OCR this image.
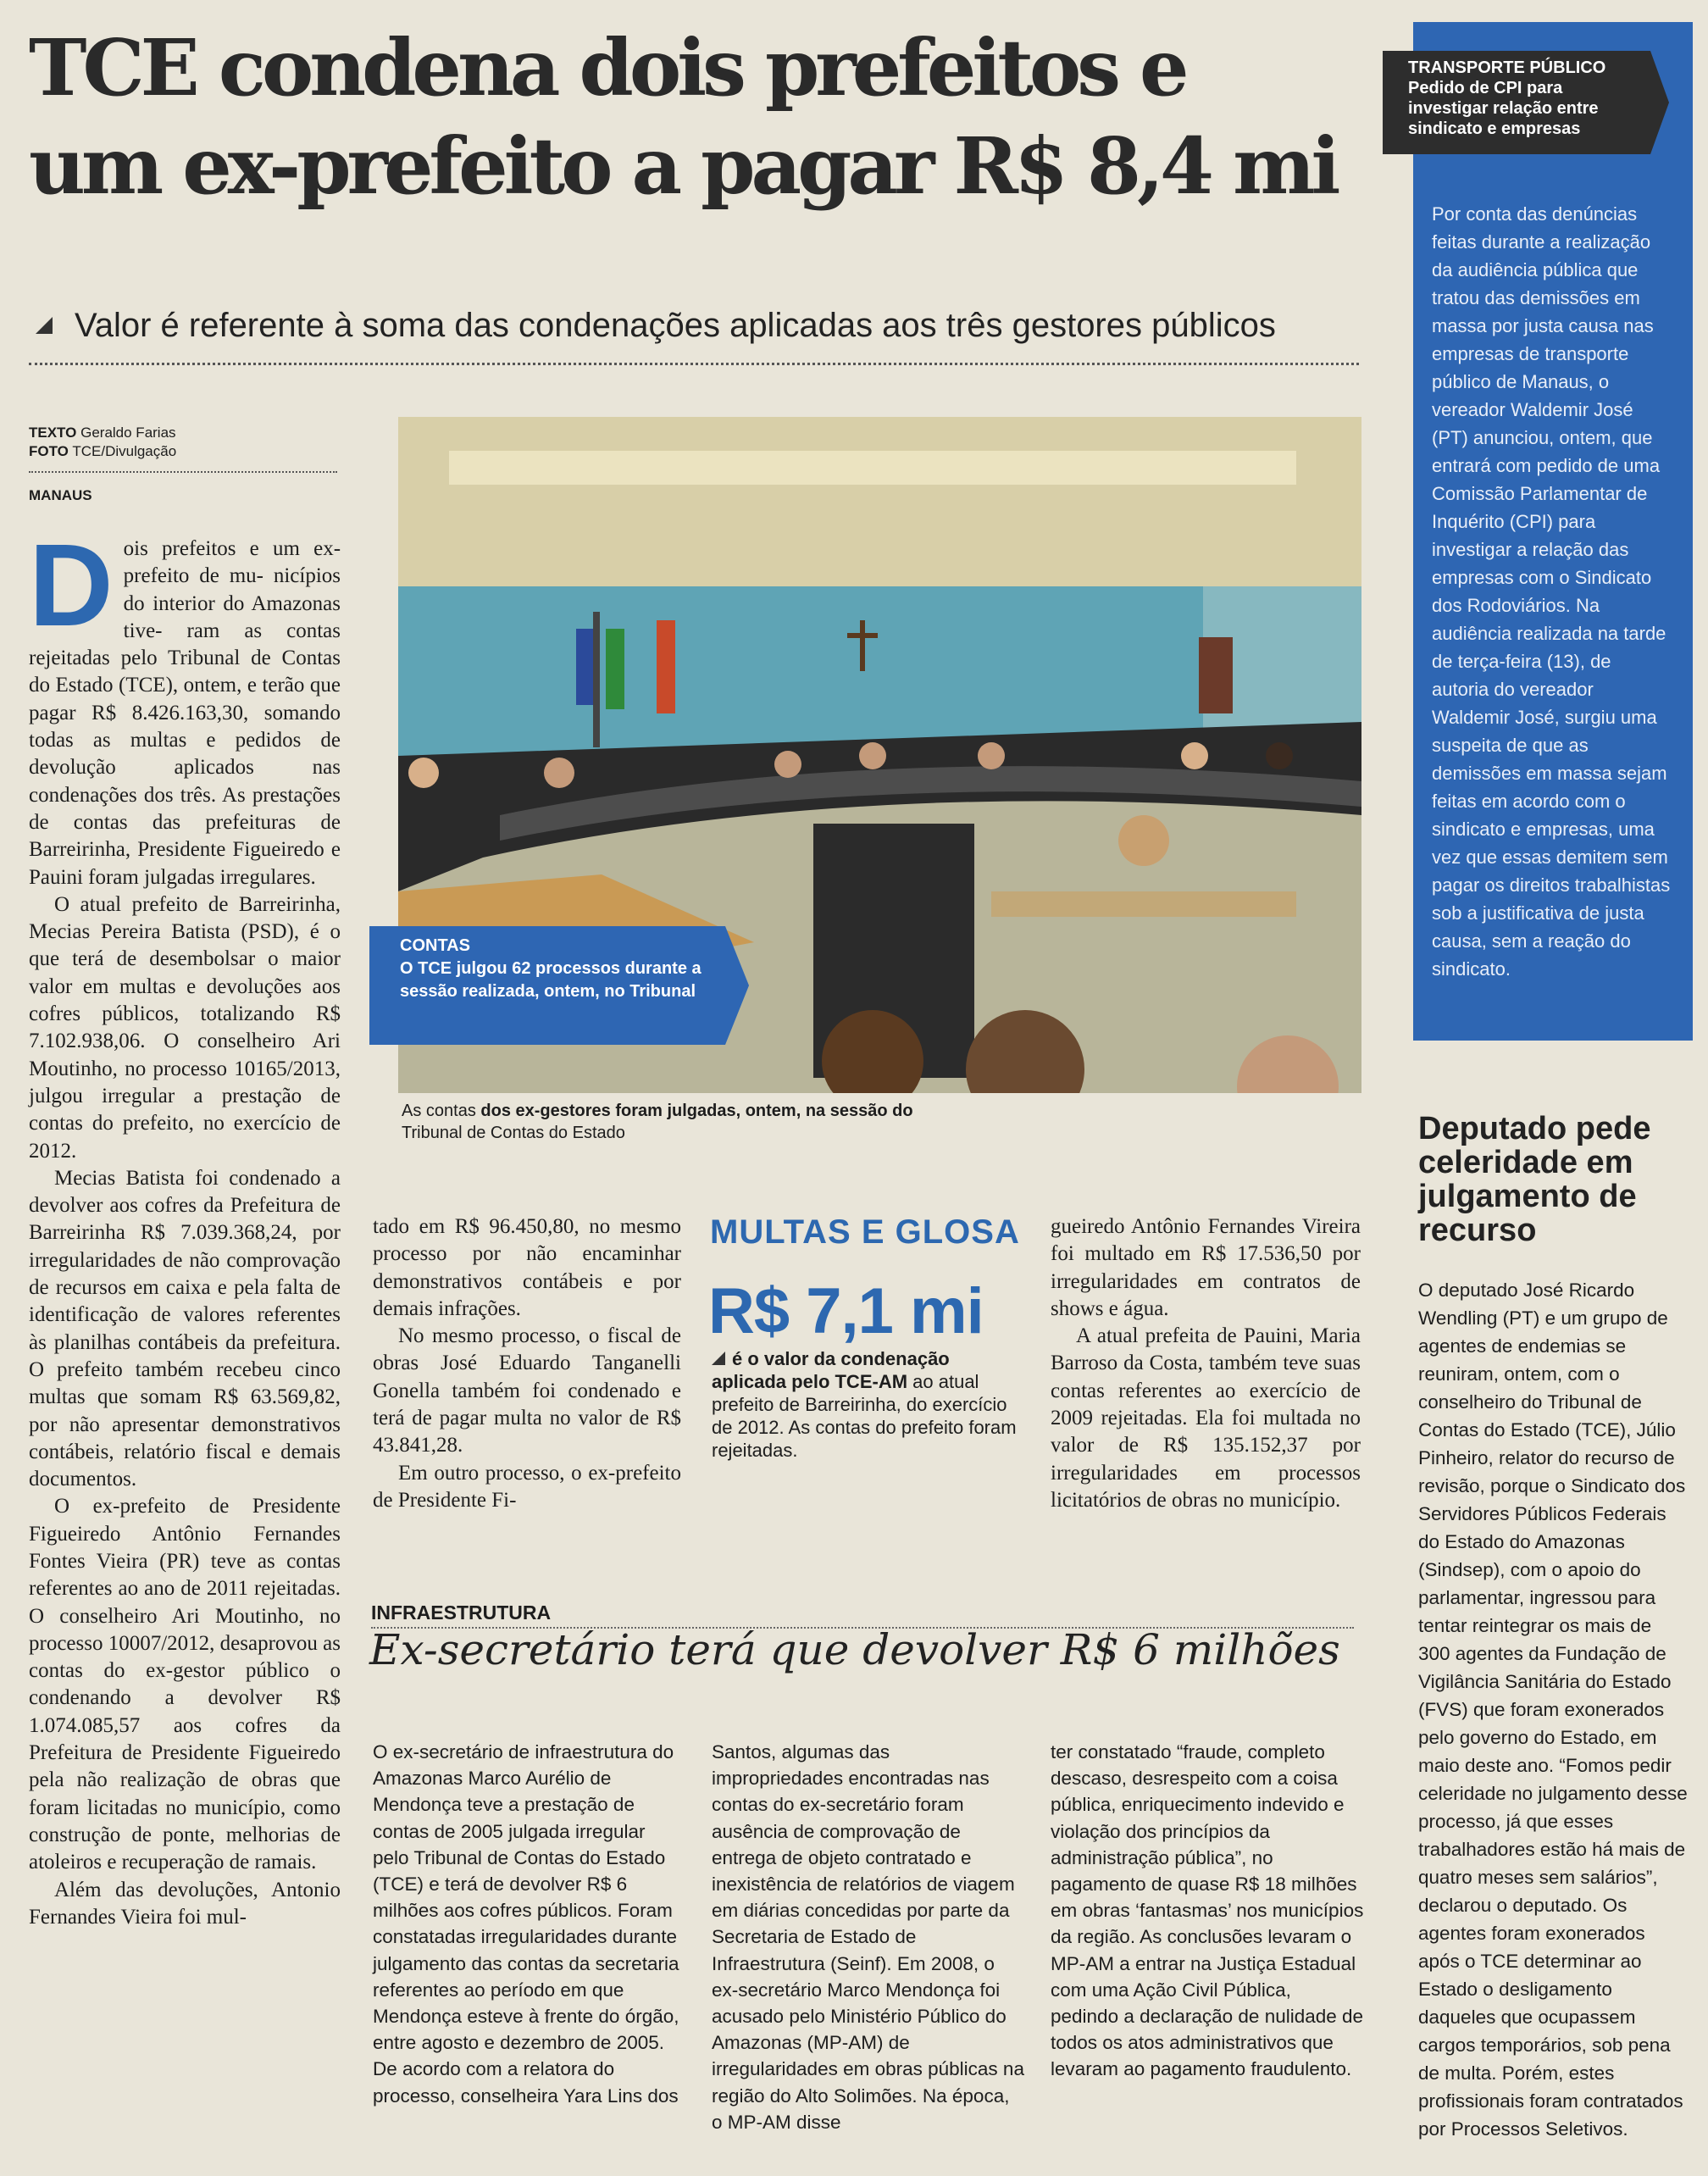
TCE condena dois prefeitos e
um ex-prefeito a pagar R$ 8,4 mi
Valor é referente à soma das condenações aplicadas aos três gestores públicos
TEXTO Geraldo Farias
FOTO TCE/Divulgação
MANAUS

D ois prefeitos e um ex-prefeito de mu- nicípios do interior do Amazonas tive- ram as contas rejeitadas pelo Tribunal de Contas do Estado (TCE), ontem, e terão que pagar R$ 8.426.163,30, somando todas as multas e pedidos de devolução aplicados nas condenações dos três. As prestações de contas das prefeituras de Barreirinha, Presidente Figueiredo e Pauini foram julgadas irregulares.

O atual prefeito de Barreirinha, Mecias Pereira Batista (PSD), é o que terá de desembolsar o maior valor em multas e devoluções aos cofres públicos, totalizando R$ 7.102.938,06. O conselheiro Ari Moutinho, no processo 10165/2013, julgou irregular a prestação de contas do prefeito, no exercício de 2012.

Mecias Batista foi condenado a devolver aos cofres da Prefeitura de Barreirinha R$ 7.039.368,24, por irregularidades de não comprovação de recursos em caixa e pela falta de identificação de valores referentes às planilhas contábeis da prefeitura. O prefeito também recebeu cinco multas que somam R$ 63.569,82, por não apresentar demonstrativos contábeis, relatório fiscal e demais documentos.

O ex-prefeito de Presidente Figueiredo Antônio Fernandes Fontes Vieira (PR) teve as contas referentes ao ano de 2011 rejeitadas. O conselheiro Ari Moutinho, no processo 10007/2012, desaprovou as contas do ex-gestor público o condenando a devolver R$ 1.074.085,57 aos cofres da Prefeitura de Presidente Figueiredo pela não realização de obras que foram licitadas no município, como construção de ponte, melhorias de atoleiros e recuperação de ramais.

Além das devoluções, Antonio Fernandes Vieira foi mul-

CONTAS
O TCE julgou 62 processos durante a sessão realizada, ontem, no Tribunal
As contas dos ex-gestores foram julgadas, ontem, na sessão do Tribunal de Contas do Estado

tado em R$ 96.450,80, no mesmo processo por não encaminhar demonstrativos contábeis e por demais infrações.

No mesmo processo, o fiscal de obras José Eduardo Tanganelli Gonella também foi condenado e terá de pagar multa no valor de R$ 43.841,28.

Em outro processo, o ex-prefeito de Presidente Fi-

MULTAS E GLOSA
R$ 7,1 mi
é o valor da condenação aplicada pelo TCE-AM ao atual prefeito de Barreirinha, do exercício de 2012. As contas do prefeito foram rejeitadas.

gueiredo Antônio Fernandes Vireira foi multado em R$ 17.536,50 por irregularidades em contratos de shows e água.

A atual prefeita de Pauini, Maria Barroso da Costa, também teve suas contas referentes ao exercício de 2009 rejeitadas. Ela foi multada no valor de R$ 135.152,37 por irregularidades em processos licitatórios de obras no município.

TRANSPORTE PÚBLICO
Pedido de CPI para investigar relação entre sindicato e empresas
Por conta das denúncias feitas durante a realização da audiência pública que tratou das demissões em massa por justa causa nas empresas de transporte público de Manaus, o vereador Waldemir José (PT) anunciou, ontem, que entrará com pedido de uma Comissão Parlamentar de Inquérito (CPI) para investigar a relação das empresas com o Sindicato dos Rodoviários. Na audiência realizada na tarde de terça-feira (13), de autoria do vereador Waldemir José, surgiu uma suspeita de que as demissões em massa sejam feitas em acordo com o sindicato e empresas, uma vez que essas demitem sem pagar os direitos trabalhistas sob a justificativa de justa causa, sem a reação do sindicato.
Deputado pede celeridade em julgamento de recurso
O deputado José Ricardo Wendling (PT) e um grupo de agentes de endemias se reuniram, ontem, com o conselheiro do Tribunal de Contas do Estado (TCE), Júlio Pinheiro, relator do recurso de revisão, porque o Sindicato dos Servidores Públicos Federais do Estado do Amazonas (Sindsep), com o apoio do parlamentar, ingressou para tentar reintegrar os mais de 300 agentes da Fundação de Vigilância Sanitária do Estado (FVS) que foram exonerados pelo governo do Estado, em maio deste ano. “Fomos pedir celeridade no julgamento desse processo, já que esses trabalhadores estão há mais de quatro meses sem salários”, declarou o deputado. Os agentes foram exonerados após o TCE determinar ao Estado o desligamento daqueles que ocupassem cargos temporários, sob pena de multa. Porém, estes profissionais foram contratados por Processos Seletivos.
INFRAESTRUTURA
Ex-secretário terá que devolver R$ 6 milhões
O ex-secretário de infraestrutura do Amazonas Marco Aurélio de Mendonça teve a prestação de contas de 2005 julgada irregular pelo Tribunal de Contas do Estado (TCE) e terá de devolver R$ 6 milhões aos cofres públicos. Foram constatadas irregularidades durante julgamento das contas da secretaria referentes ao período em que Mendonça esteve à frente do órgão, entre agosto e dezembro de 2005. De acordo com a relatora do processo, conselheira Yara Lins dos
Santos, algumas das impropriedades encontradas nas contas do ex-secretário foram ausência de comprovação de entrega de objeto contratado e inexistência de relatórios de viagem em diárias concedidas por parte da Secretaria de Estado de Infraestrutura (Seinf). Em 2008, o ex-secretário Marco Mendonça foi acusado pelo Ministério Público do Amazonas (MP-AM) de irregularidades em obras públicas na região do Alto Solimões. Na época, o MP-AM disse
ter constatado “fraude, completo descaso, desrespeito com a coisa pública, enriquecimento indevido e violação dos princípios da administração pública”, no pagamento de quase R$ 18 milhões em obras ‘fantasmas’ nos municípios da região. As conclusões levaram o MP-AM a entrar na Justiça Estadual com uma Ação Civil Pública, pedindo a declaração de nulidade de todos os atos administrativos que levaram ao pagamento fraudulento.
